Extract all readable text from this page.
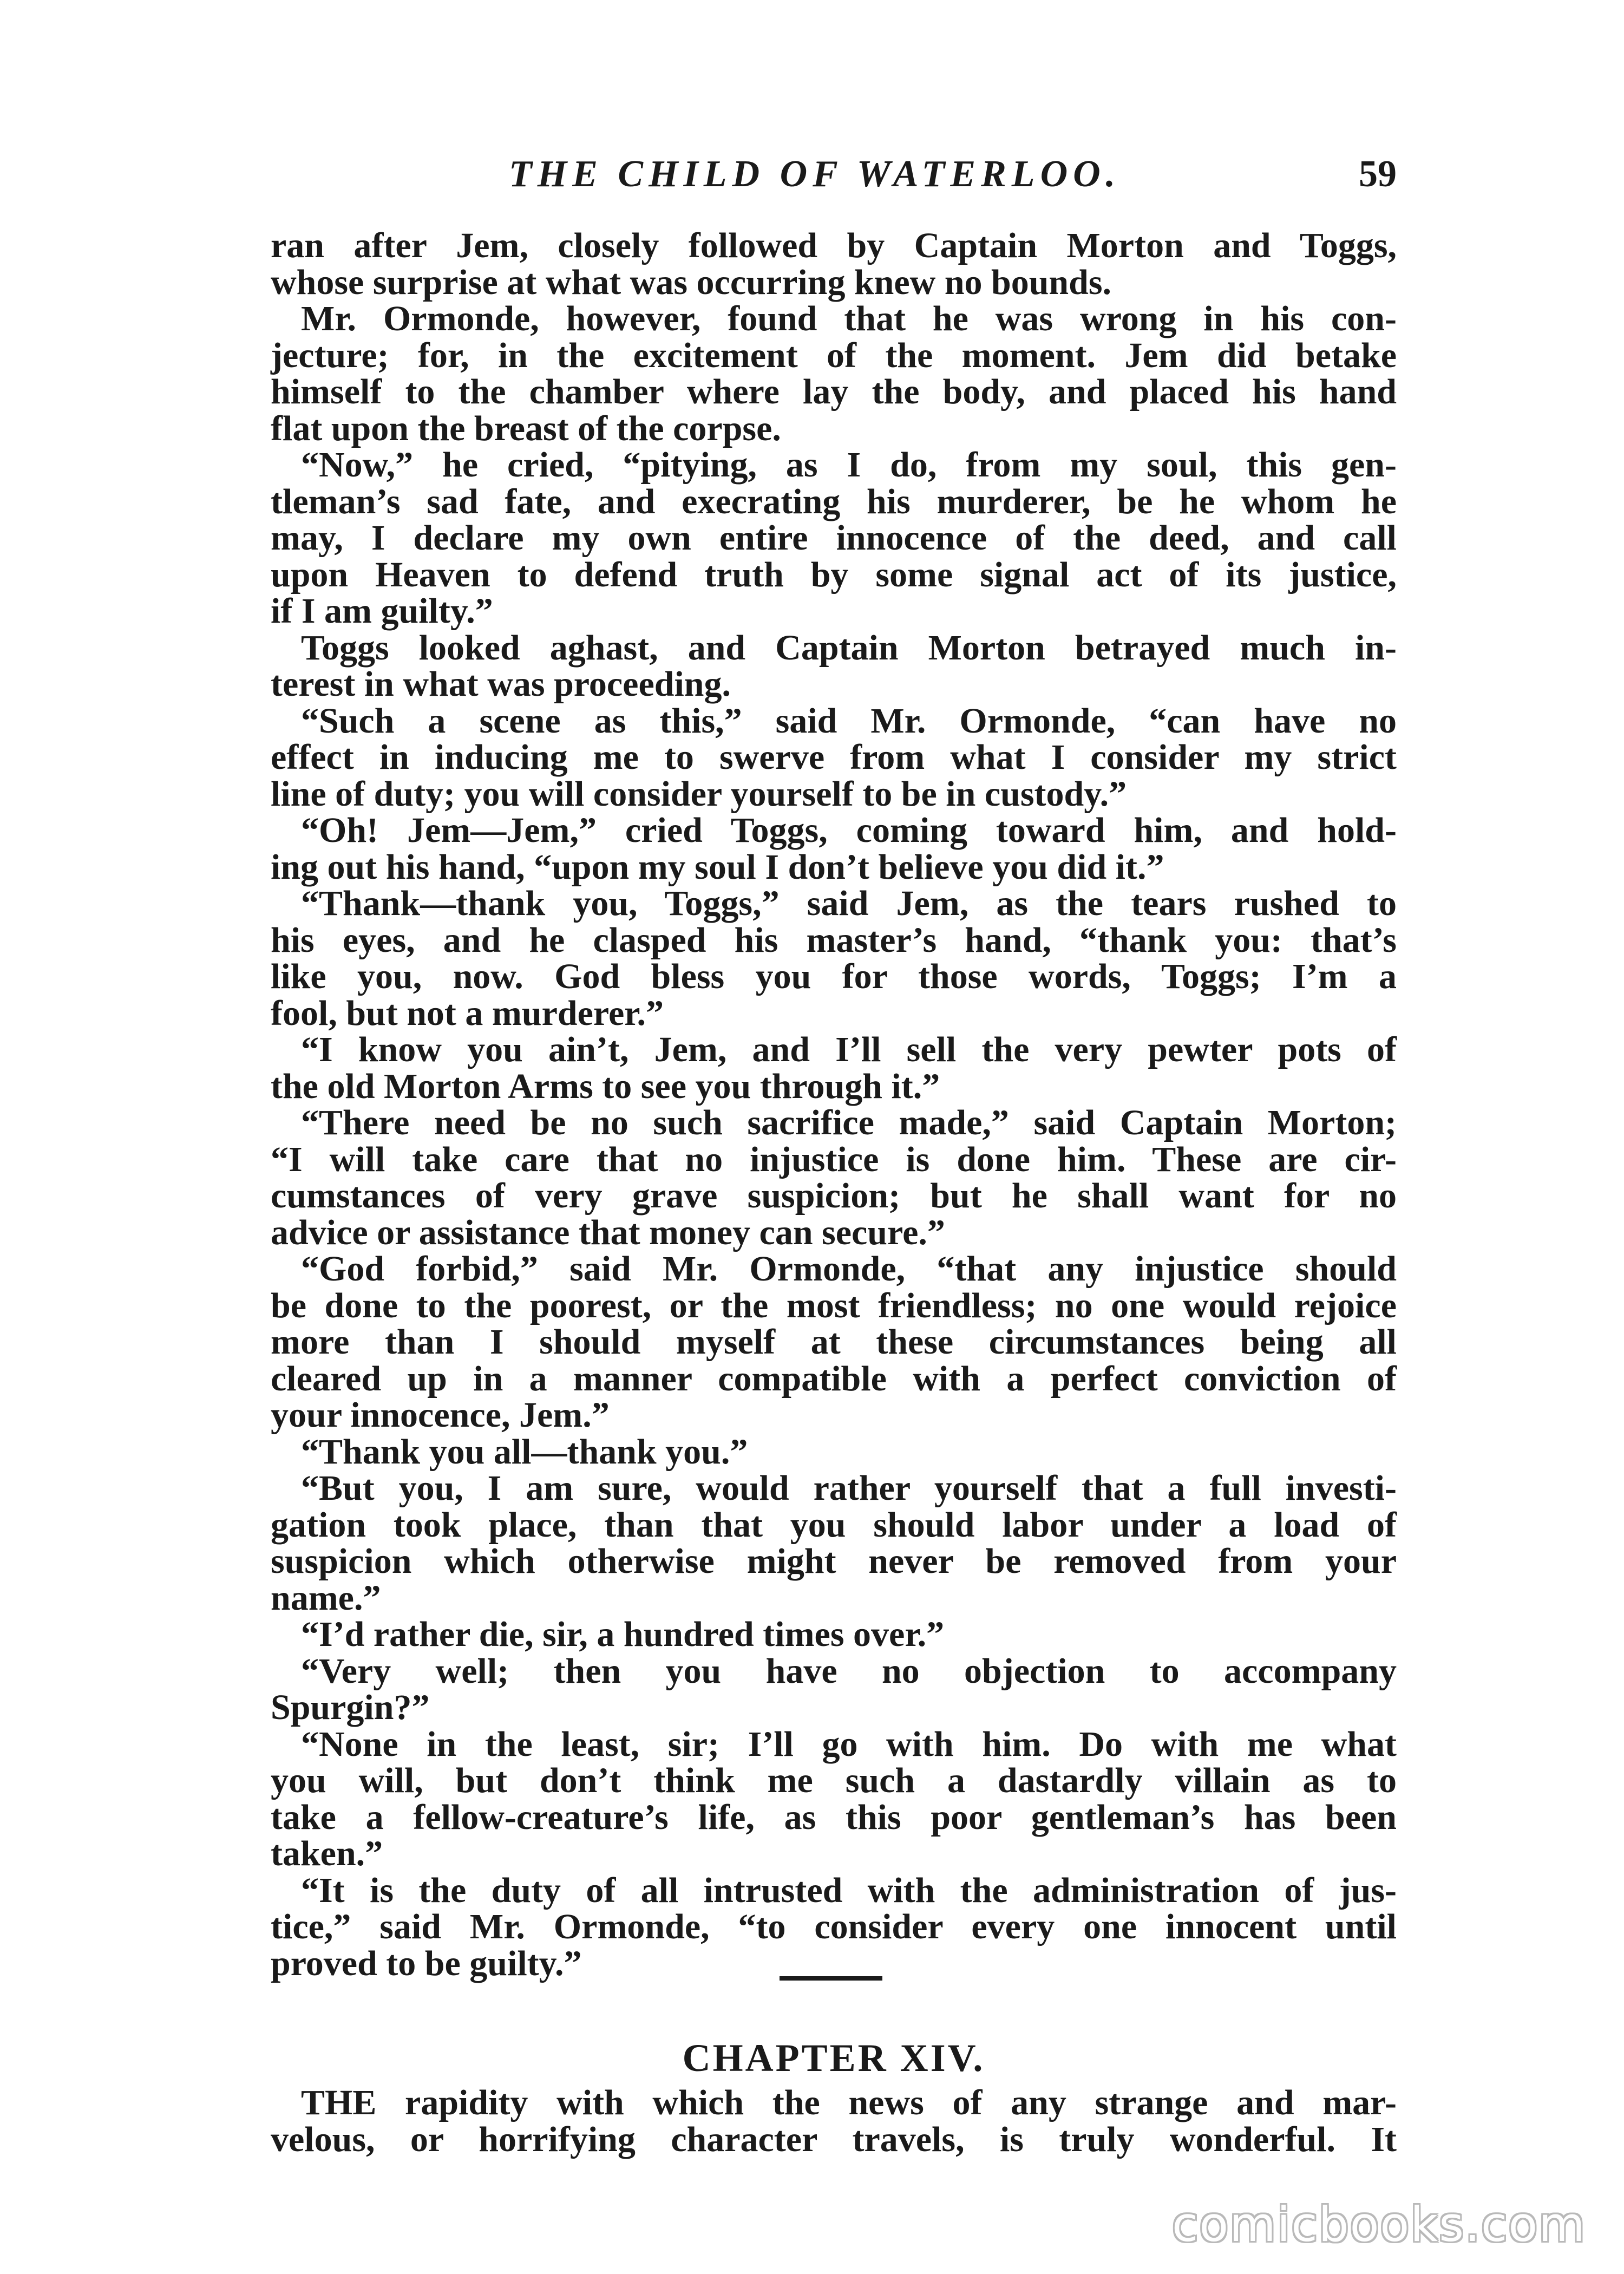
THE CHILD OF WATERLOO.	59
ran after Jem, closely followed by Captain Morton and Toggs,
whose surprise at what was occurring knew no bounds.
Mr. Ormonde, however, found that he was wrong in his con-
jecture; for, in the excitement of the moment. Jem did betake
himself to the chamber where lay the body, and placed his hand
flat upon the breast of the corpse.
“Now,” he cried, “pitying, as I do, from my soul, this gen-
tleman’s sad fate, and execrating his murderer, be he whom he
may, I declare my own entire innocence of the deed, and call
upon Heaven to defend truth by some signal act of its justice,
if I am guilty.”
Toggs looked aghast, and Captain Morton betrayed much in-
terest in what was proceeding.
“Such a scene as this,” said Mr. Ormonde, “can have no
effect in inducing me to swerve from what I consider my strict
line of duty; you will consider yourself to be in custody.”
“Oh! Jem—Jem,” cried Toggs, coming toward him, and hold-
ing out his hand, “upon my soul I don’t believe you did it.”
“Thank—thank you, Toggs,” said Jem, as the tears rushed to
his eyes, and he clasped his master’s hand, “thank you: that’s
like you, now. God bless you for those words, Toggs; I’m a
fool, but not a murderer.”
“I know you ain’t, Jem, and I’ll sell the very pewter pots of
the old Morton Arms to see you through it.”
“There need be no such sacrifice made,” said Captain Morton;
“I will take care that no injustice is done him. These are cir-
cumstances of very grave suspicion; but he shall want for no
advice or assistance that money can secure.”
“God forbid,” said Mr. Ormonde, “that any injustice should
be done to the poorest, or the most friendless; no one would rejoice
more than I should myself at these circumstances being all
cleared up in a manner compatible with a perfect conviction of
your innocence, Jem.”
“Thank you all—thank you.”
“But you, I am sure, would rather yourself that a full investi-
gation took place, than that you should labor under a load of
suspicion which otherwise might never be removed from your
name.”
“I’d rather die, sir, a hundred times over.”
“Very well; then you have no objection to accompany
Spurgin?”
“None in the least, sir; I’ll go with him. Do with me what
you will, but don’t think me such a dastardly villain as to
take a fellow-creature’s life, as this poor gentleman’s has been
taken.”
“It is the duty of all intrusted with the administration of jus-
tice,” said Mr. Ormonde, “to consider every one innocent until
proved to be guilty.”
CHAPTER XIV.
THE rapidity with which the news of any strange and mar-
velous, or horrifying character travels, is truly wonderful. It
comicbooks.com
